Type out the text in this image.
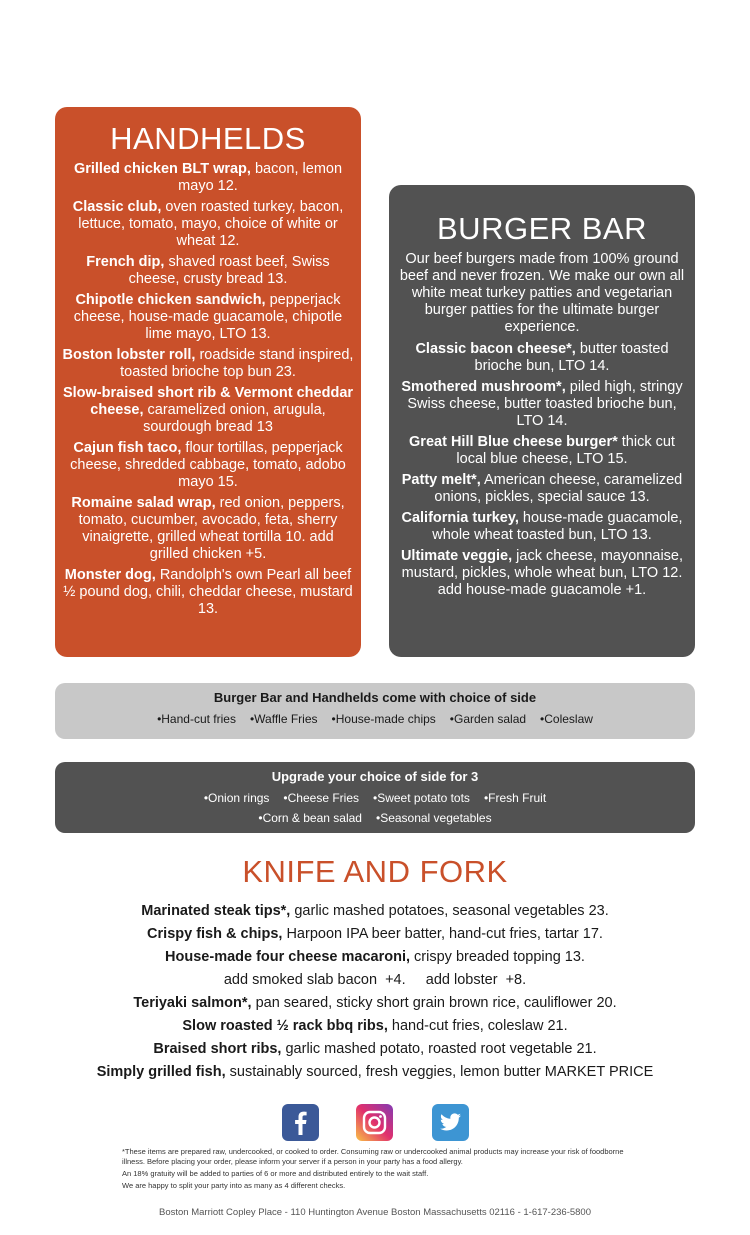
HANDHELDS
Grilled chicken BLT wrap, bacon, lemon mayo 12.
Classic club, oven roasted turkey, bacon, lettuce, tomato, mayo, choice of white or wheat 12.
French dip, shaved roast beef, Swiss cheese, crusty bread 13.
Chipotle chicken sandwich, pepperjack cheese, house-made guacamole, chipotle lime mayo, LTO 13.
Boston lobster roll, roadside stand inspired, toasted brioche top bun 23.
Slow-braised short rib & Vermont cheddar cheese, caramelized onion, arugula, sourdough bread 13
Cajun fish taco, flour tortillas, pepperjack cheese, shredded cabbage, tomato, adobo mayo 15.
Romaine salad wrap, red onion, peppers, tomato, cucumber, avocado, feta, sherry vinaigrette, grilled wheat tortilla 10. add grilled chicken +5.
Monster dog, Randolph's own Pearl all beef ½ pound dog, chili, cheddar cheese, mustard 13.
BURGER BAR
Our beef burgers made from 100% ground beef and never frozen. We make our own all white meat turkey patties and vegetarian burger patties for the ultimate burger experience.
Classic bacon cheese*, butter toasted brioche bun, LTO 14.
Smothered mushroom*, piled high, stringy Swiss cheese, butter toasted brioche bun, LTO 14.
Great Hill Blue cheese burger* thick cut local blue cheese, LTO 15.
Patty melt*, American cheese, caramelized onions, pickles, special sauce 13.
California turkey, house-made guacamole, whole wheat toasted bun, LTO 13.
Ultimate veggie, jack cheese, mayonnaise, mustard, pickles, whole wheat bun, LTO 12. add house-made guacamole +1.
Burger Bar and Handhelds come with choice of side
• Hand-cut fries • Waffle Fries • House-made chips • Garden salad • Coleslaw
Upgrade your choice of side for 3
• Onion rings • Cheese Fries • Sweet potato tots • Fresh Fruit
• Corn & bean salad • Seasonal vegetables
KNIFE AND FORK
Marinated steak tips*, garlic mashed potatoes, seasonal vegetables 23.
Crispy fish & chips, Harpoon IPA beer batter, hand-cut fries, tartar 17.
House-made four cheese macaroni, crispy breaded topping 13.
add smoked slab bacon  +4.     add lobster  +8.
Teriyaki salmon*, pan seared, sticky short grain brown rice, cauliflower 20.
Slow roasted ½ rack bbq ribs, hand-cut fries, coleslaw 21.
Braised short ribs, garlic mashed potato, roasted root vegetable 21.
Simply grilled fish, sustainably sourced, fresh veggies, lemon butter MARKET PRICE

*These items are prepared raw, undercooked, or cooked to order. Consuming raw or undercooked animal products may increase your risk of foodborne illness. Before placing your order, please inform your server if a person in your party has a food allergy.

An 18% gratuity will be added to parties of 6 or more and distributed entirely to the wait staff.

We are happy to split your party into as many as 4 different checks.

Boston Marriott Copley Place - 110 Huntington Avenue Boston Massachusetts 02116 - 1-617-236-5800
